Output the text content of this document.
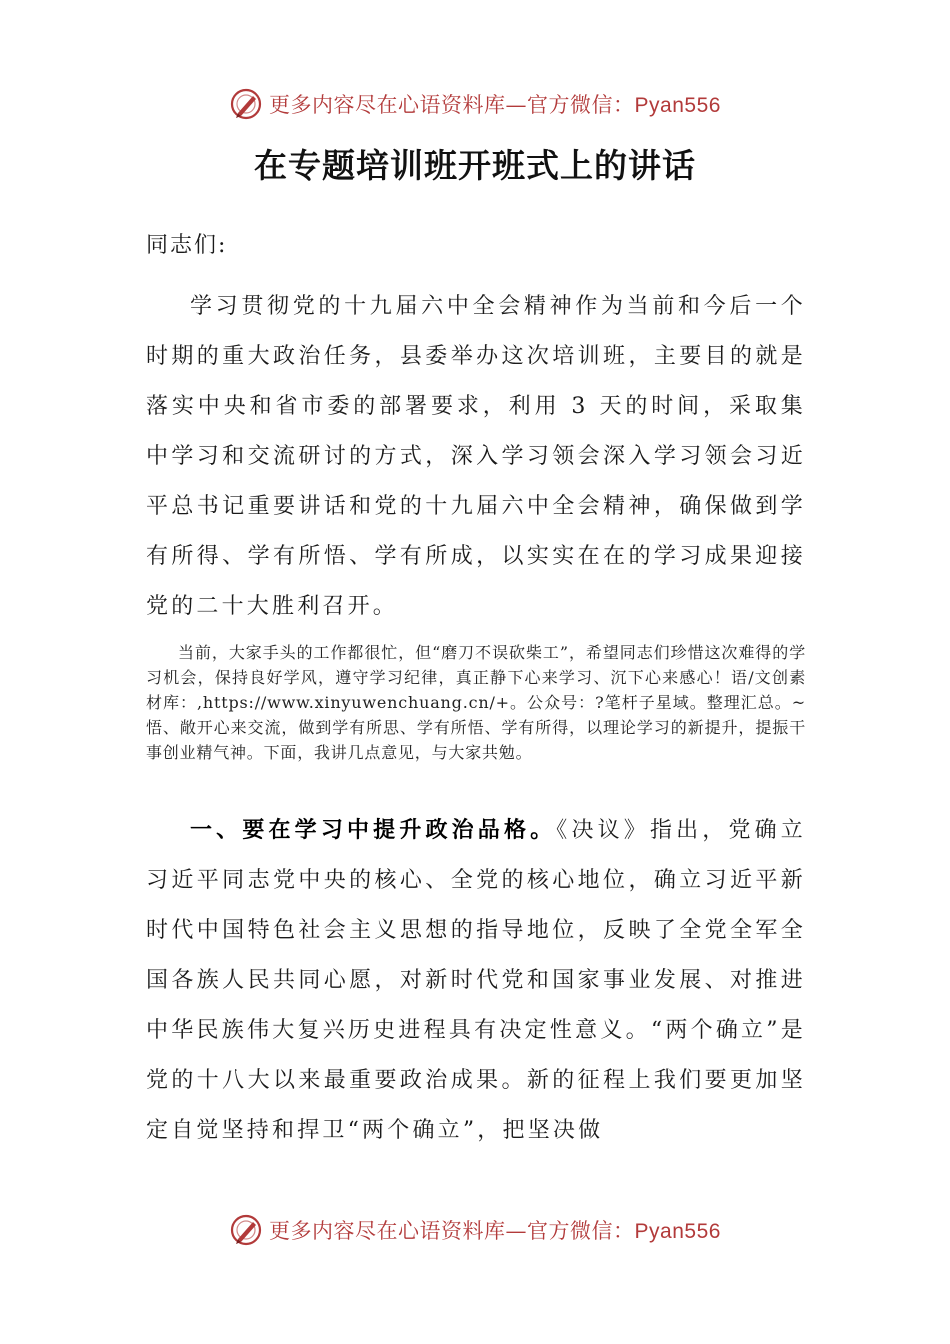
更多内容尽在心语资料库—官方微信：Pyan556
在专题培训班开班式上的讲话
同志们:

学习贯彻党的十九届六中全会精神作为当前和今后一个时期的重大政治任务，县委举办这次培训班，主要目的就是落实中央和省市委的部署要求，利用 3 天的时间，采取集中学习和交流研讨的方式，深入学习领会深入学习领会习近平总书记重要讲话和党的十九届六中全会精神，确保做到学有所得、学有所悟、学有所成，以实实在在的学习成果迎接党的二十大胜利召开。

当前，大家手头的工作都很忙，但“磨刀不误砍柴工”，希望同志们珍惜这次难得的学习机会，保持良好学风，遵守学习纪律，真正静下心来学习、沉下心来感心！语/文创素材库：,https://www.xinyuwenchuang.cn/+。公众号：?笔杆子星域。整理汇总。~悟、敞开心来交流，做到学有所思、学有所悟、学有所得，以理论学习的新提升，提振干事创业精气神。下面，我讲几点意见，与大家共勉。

一、要在学习中提升政治品格。《决议》指出，党确立习近平同志党中央的核心、全党的核心地位，确立习近平新时代中国特色社会主义思想的指导地位，反映了全党全军全国各族人民共同心愿，对新时代党和国家事业发展、对推进中华民族伟大复兴历史进程具有决定性意义。“两个确立”是党的十八大以来最重要政治成果。新的征程上我们要更加坚定自觉坚持和捍卫“两个确立”，把坚决做

更多内容尽在心语资料库—官方微信：Pyan556
